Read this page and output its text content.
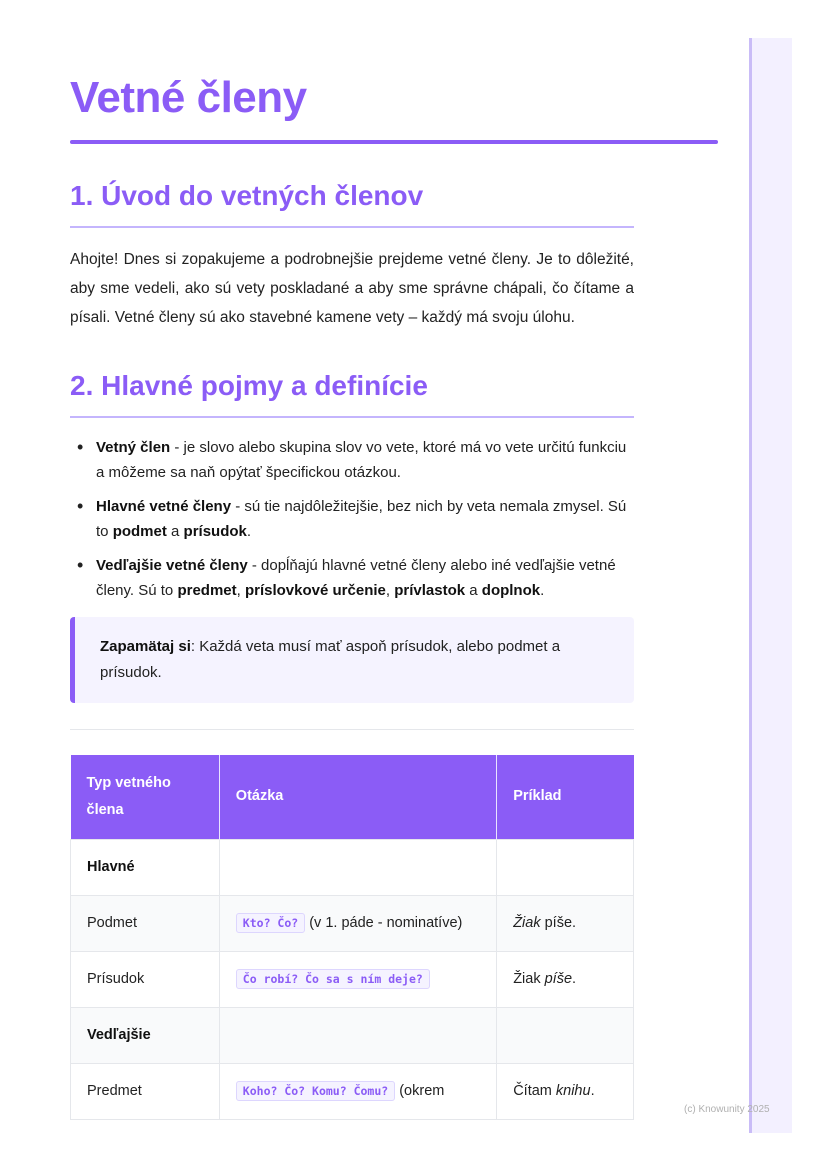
Vetné členy
1. Úvod do vetných členov

Ahojte! Dnes si zopakujeme a podrobnejšie prejdeme vetné členy. Je to dôležité, aby sme vedeli, ako sú vety poskladané a aby sme správne chápali, čo čítame a písali. Vetné členy sú ako stavebné kamene vety – každý má svoju úlohu.

2. Hlavné pojmy a definície
• Vetný člen - je slovo alebo skupina slov vo vete, ktoré má vo vete určitú funkciu a môžeme sa naň opýtať špecifickou otázkou.
• Hlavné vetné členy - sú tie najdôležitejšie, bez nich by veta nemala zmysel. Sú to podmet a prísudok.
• Vedľajšie vetné členy - dopĺňajú hlavné vetné členy alebo iné vedľajšie vetné členy. Sú to predmet, príslovkové určenie, prívlastok a doplnok.
Zapamätaj si: Každá veta musí mať aspoň prísudok, alebo podmet a prísudok.
Typ vetného člena	Otázka	Príklad
Hlavné		
Podmet	Kto? Čo? (v 1. páde - nominatíve)	Žiak píše.
Prísudok	Čo robí? Čo sa s ním deje?	Žiak píše.
Vedľajšie		
Predmet	Koho? Čo? Komu? Čomu? (okrem	Čítam knihu.
(c) Knowunity 2025
